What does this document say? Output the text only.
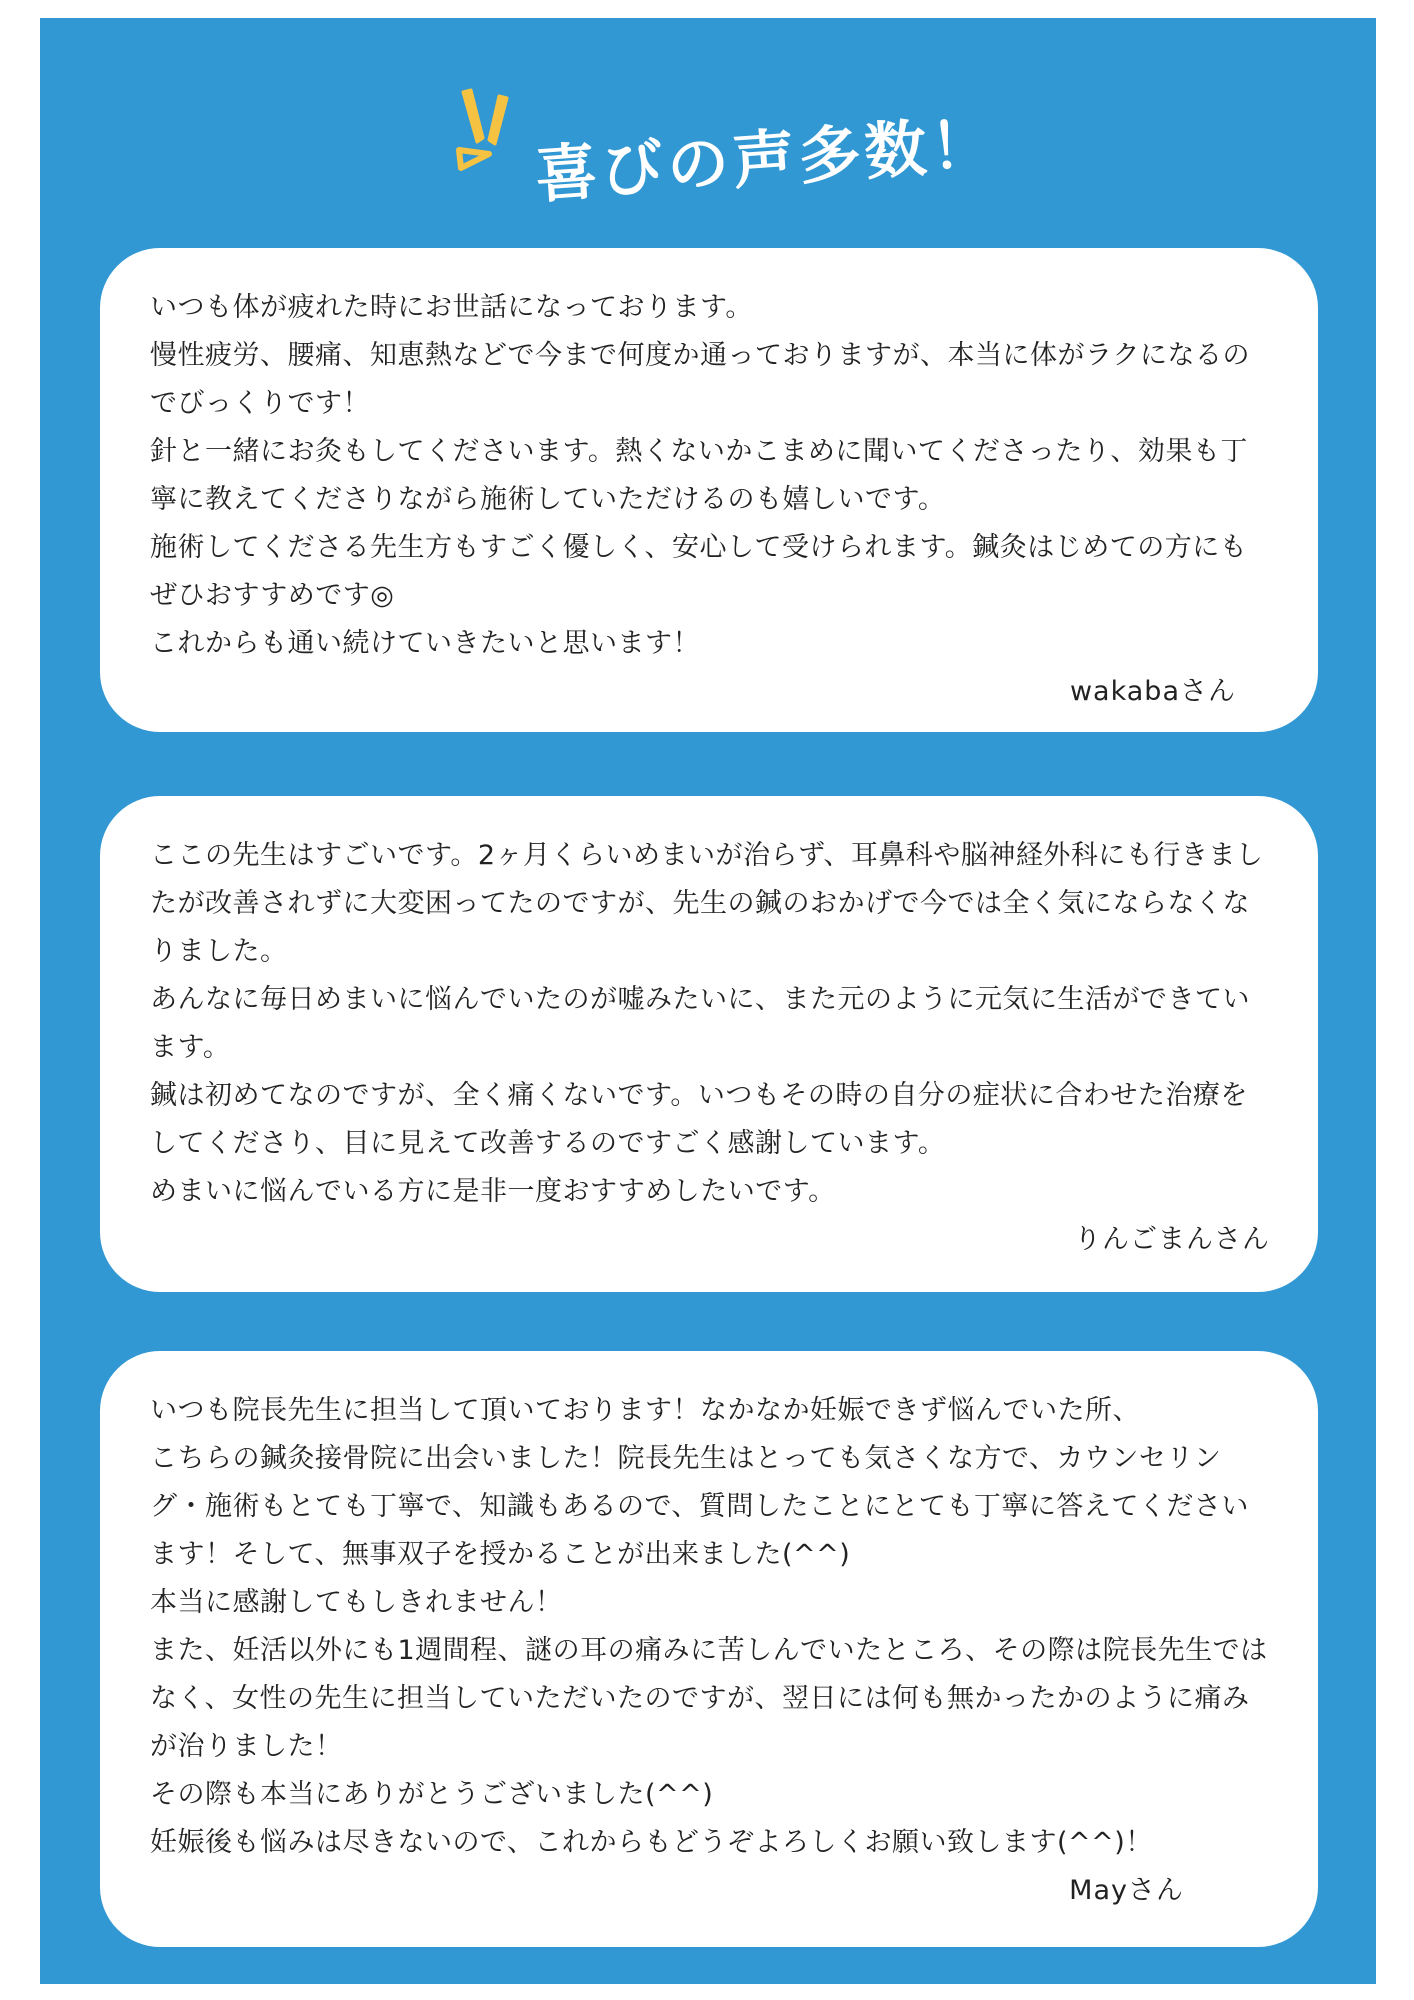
喜びの声多数！

いつも体が疲れた時にお世話になっております。

慢性疲労、腰痛、知恵熱などで今まで何度か通っておりますが、本当に体がラクになるのでびっくりです！

針と一緒にお灸もしてくださいます。熱くないかこまめに聞いてくださったり、効果も丁寧に教えてくださりながら施術していただけるのも嬉しいです。

施術してくださる先生方もすごく優しく、安心して受けられます。鍼灸はじめての方にもぜひおすすめです◎

これからも通い続けていきたいと思います！

wakabaさん

ここの先生はすごいです。2ヶ月くらいめまいが治らず、耳鼻科や脳神経外科にも行きましたが改善されずに大変困ってたのですが、先生の鍼のおかげで今では全く気にならなくなりました。

あんなに毎日めまいに悩んでいたのが嘘みたいに、また元のように元気に生活ができています。

鍼は初めてなのですが、全く痛くないです。いつもその時の自分の症状に合わせた治療をしてくださり、目に見えて改善するのですごく感謝しています。

めまいに悩んでいる方に是非一度おすすめしたいです。

りんごまんさん

いつも院長先生に担当して頂いております！なかなか妊娠できず悩んでいた所、

こちらの鍼灸接骨院に出会いました！院長先生はとっても気さくな方で、カウンセリング・施術もとても丁寧で、知識もあるので、質問したことにとても丁寧に答えてくださいます！そして、無事双子を授かることが出来ました(^^)

本当に感謝してもしきれません！

また、妊活以外にも1週間程、謎の耳の痛みに苦しんでいたところ、その際は院長先生ではなく、女性の先生に担当していただいたのですが、翌日には何も無かったかのように痛みが治りました！

その際も本当にありがとうございました(^^)

妊娠後も悩みは尽きないので、これからもどうぞよろしくお願い致します(^^)！

Mayさん
